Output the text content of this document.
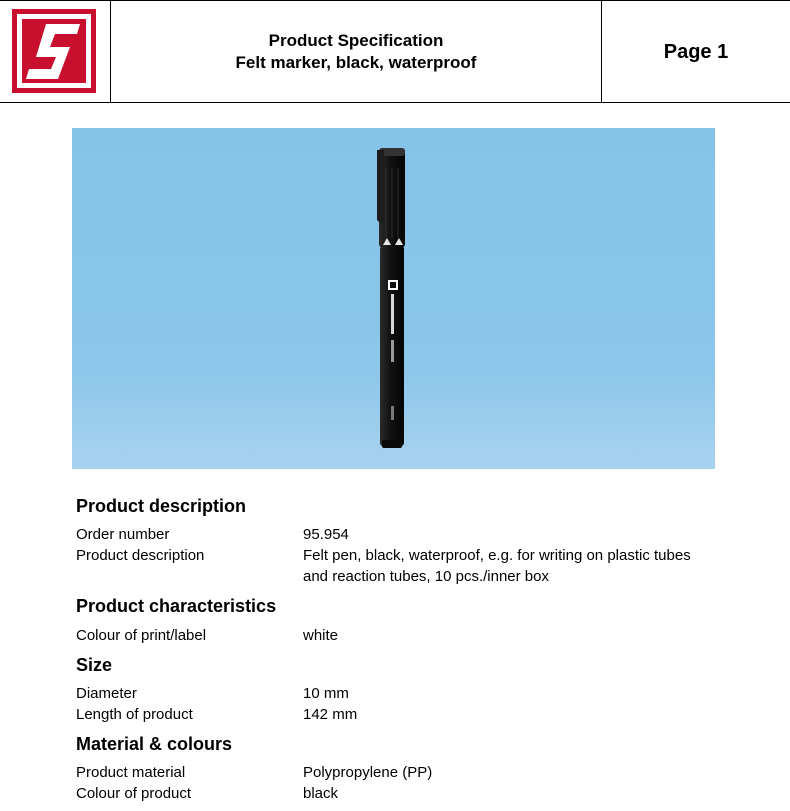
Product Specification
Felt marker, black, waterproof	Page 1
Product description
Order number	95.954
Product description	Felt pen, black, waterproof, e.g. for writing on plastic tubes
and reaction tubes, 10 pcs./inner box
Product characteristics
Colour of print/label	white
Size
Diameter	10 mm
Length of product	142 mm
Material & colours
Product material	Polypropylene (PP)
Colour of product	black
